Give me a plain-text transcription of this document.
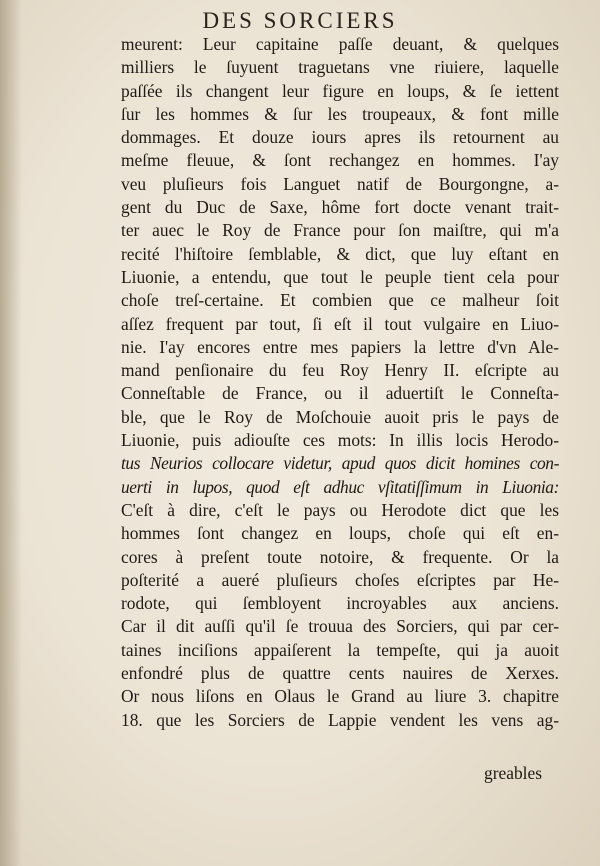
DES SORCIERS
meurent: Leur capitaine paſſe deuant, & quelques
milliers le ſuyuent traguetans vne riuiere, laquelle
paſſée ils changent leur figure en loups, & ſe iettent
ſur les hommes & ſur les troupeaux, & font mille
dommages. Et douze iours apres ils retournent au
meſme fleuue, & ſont rechangez en hommes. I'ay
veu pluſieurs fois Languet natif de Bourgongne, a-
gent du Duc de Saxe, hôme fort docte venant trait-
ter auec le Roy de France pour ſon maiſtre, qui m'a
recité l'hiſtoire ſemblable, & dict, que luy eſtant en
Liuonie, a entendu, que tout le peuple tient cela pour
choſe treſ-certaine. Et combien que ce malheur ſoit
aſſez frequent par tout, ſi eſt il tout vulgaire en Liuo-
nie. I'ay encores entre mes papiers la lettre d'vn Ale-
mand penſionaire du feu Roy Henry II. eſcripte au
Conneſtable de France, ou il aduertiſt le Conneſta-
ble, que le Roy de Moſchouie auoit pris le pays de
Liuonie, puis adiouſte ces mots: In illis locis Herodo-
tus Neurios collocare videtur, apud quos dicit homines con-
uerti in lupos, quod eſt adhuc vſitatiſſimum in Liuonia:
C'eſt à dire, c'eſt le pays ou Herodote dict que les
hommes ſont changez en loups, choſe qui eſt en-
cores à preſent toute notoire, & frequente. Or la
poſterité a aueré pluſieurs choſes eſcriptes par He-
rodote, qui ſembloyent incroyables aux anciens.
Car il dit auſſi qu'il ſe trouua des Sorciers, qui par cer-
taines inciſions appaiſerent la tempeſte, qui ja auoit
enfondré plus de quattre cents nauires de Xerxes.
Or nous liſons en Olaus le Grand au liure 3. chapitre
18. que les Sorciers de Lappie vendent les vens ag-
greables
